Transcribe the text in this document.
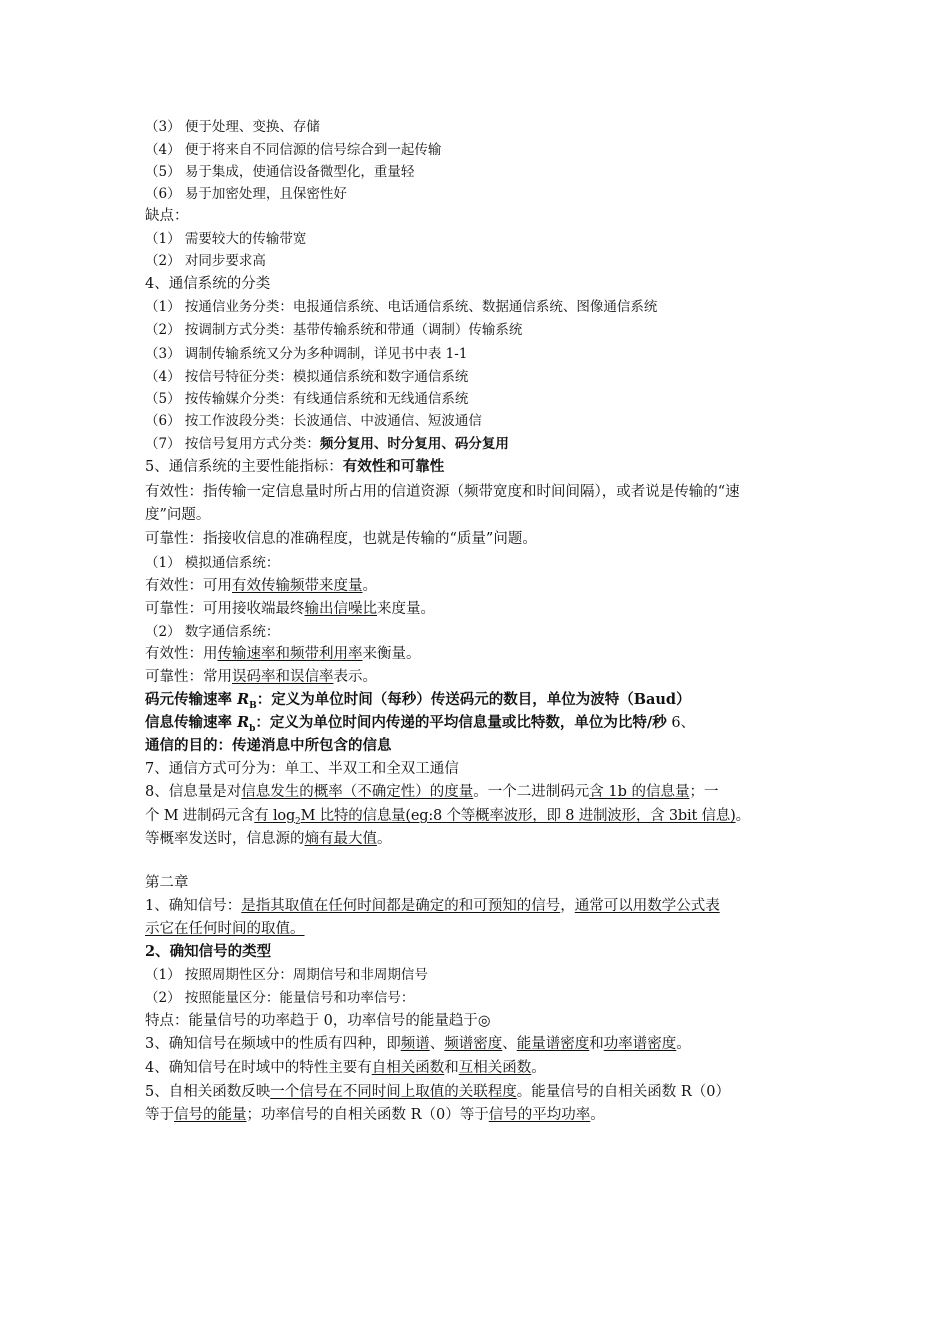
（3） 便于处理、变换、存储
（4） 便于将来自不同信源的信号综合到一起传输
（5） 易于集成，使通信设备微型化，重量轻
（6） 易于加密处理，且保密性好
缺点：
（1） 需要较大的传输带宽
（2） 对同步要求高
4、通信系统的分类
（1） 按通信业务分类：电报通信系统、电话通信系统、数据通信系统、图像通信系统
（2） 按调制方式分类：基带传输系统和带通（调制）传输系统
（3） 调制传输系统又分为多种调制，详见书中表 1-1
（4） 按信号特征分类：模拟通信系统和数字通信系统
（5） 按传输媒介分类：有线通信系统和无线通信系统
（6） 按工作波段分类：长波通信、中波通信、短波通信
（7） 按信号复用方式分类：频分复用、时分复用、码分复用
5、通信系统的主要性能指标：有效性和可靠性
有效性：指传输一定信息量时所占用的信道资源（频带宽度和时间间隔），或者说是传输的“速
度”问题。
可靠性：指接收信息的准确程度，也就是传输的“质量”问题。
（1） 模拟通信系统：
有效性：可用有效传输频带来度量。
可靠性：可用接收端最终输出信噪比来度量。
（2） 数字通信系统：
有效性：用传输速率和频带利用率来衡量。
可靠性：常用误码率和误信率表示。
码元传输速率 $R_B$：定义为单位时间（每秒）传送码元的数目，单位为波特（Baud）
信息传输速率 $R_b$：定义为单位时间内传递的平均信息量或比特数，单位为比特/秒 6、
通信的目的：传递消息中所包含的信息
7、通信方式可分为：单工、半双工和全双工通信
8、信息量是对信息发生的概率（不确定性）的度量。一个二进制码元含 1b 的信息量；一
个 M 进制码元含有 $\log_2M$ 比特的信息量(eg:8 个等概率波形，即 8 进制波形，含 3bit 信息)。
等概率发送时，信息源的熵有最大值。
第二章
1、确知信号：是指其取值在任何时间都是确定的和可预知的信号，通常可以用数学公式表
示它在任何时间的取值。
2、确知信号的类型
（1） 按照周期性区分：周期信号和非周期信号
（2） 按照能量区分：能量信号和功率信号：
特点：能量信号的功率趋于 0，功率信号的能量趋于◎
3、确知信号在频域中的性质有四种，即频谱、频谱密度、能量谱密度和功率谱密度。
4、确知信号在时域中的特性主要有自相关函数和互相关函数。
5、自相关函数反映一个信号在不同时间上取值的关联程度。能量信号的自相关函数 R（0）
等于信号的能量；功率信号的自相关函数 R（0）等于信号的平均功率。
